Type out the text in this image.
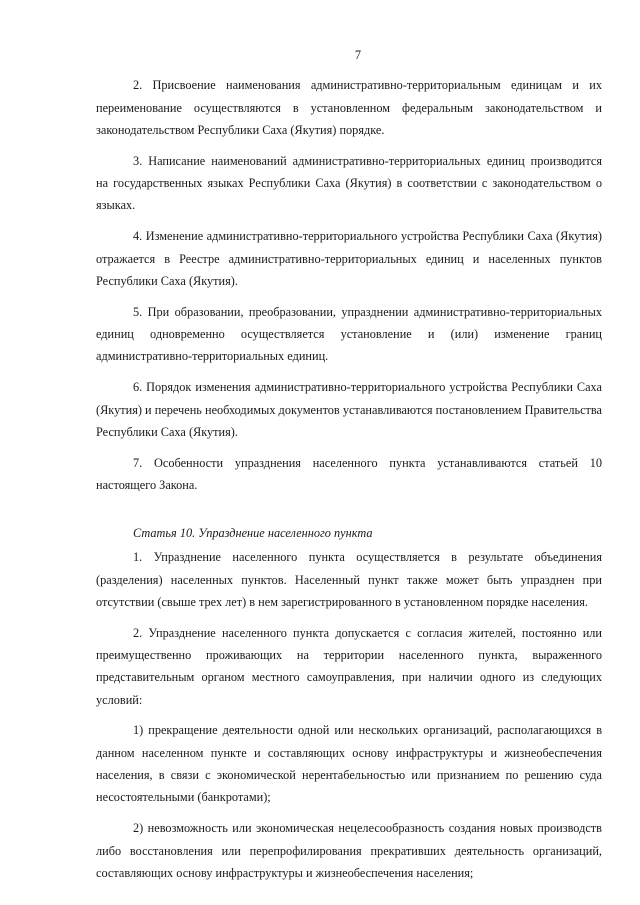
7

2. Присвоение наименования административно-территориальным единицам и их переименование осуществляются в установленном федеральным законодательством и законодательством Республики Саха (Якутия) порядке.

3. Написание наименований административно-территориальных единиц производится на государственных языках Республики Саха (Якутия) в соответствии с законодательством о языках.

4. Изменение административно-территориального устройства Республики Саха (Якутия) отражается в Реестре административно-территориальных единиц и населенных пунктов Республики Саха (Якутия).

5. При образовании, преобразовании, упразднении административно-территориальных единиц одновременно осуществляется установление и (или) изменение границ административно-территориальных единиц.

6. Порядок изменения административно-территориального устройства Республики Саха (Якутия) и перечень необходимых документов устанавливаются постановлением Правительства Республики Саха (Якутия).

7. Особенности упразднения населенного пункта устанавливаются статьей 10 настоящего Закона.

Статья 10. Упразднение населенного пункта

1. Упразднение населенного пункта осуществляется в результате объединения (разделения) населенных пунктов. Населенный пункт также может быть упразднен при отсутствии (свыше трех лет) в нем зарегистрированного в установленном порядке населения.

2. Упразднение населенного пункта допускается с согласия жителей, постоянно или преимущественно проживающих на территории населенного пункта, выраженного представительным органом местного самоуправления, при наличии одного из следующих условий:

1) прекращение деятельности одной или нескольких организаций, располагающихся в данном населенном пункте и составляющих основу инфраструктуры и жизнеобеспечения населения, в связи с экономической нерентабельностью или признанием по решению суда несостоятельными (банкротами);

2) невозможность или экономическая нецелесообразность создания новых производств либо восстановления или перепрофилирования прекративших деятельность организаций, составляющих основу инфраструктуры и жизнеобеспечения населения;
